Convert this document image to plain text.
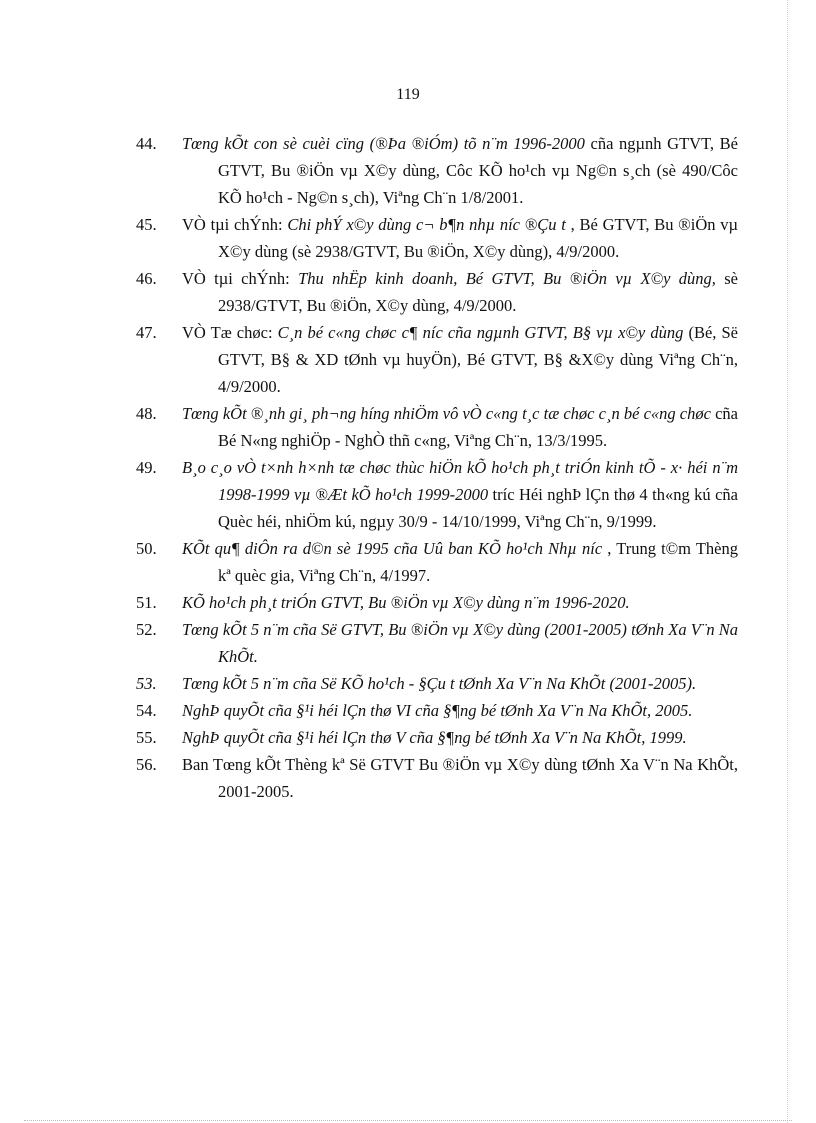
119

44. Tœng kÕt con sè cuèi cïng (®Þa ®iÓm) tõ n¨m 1996-2000 cña ngµnh GTVT, Bé GTVT, Bu ®iÖn vµ X©y dùng, Côc KÕ ho¹ch vµ Ng©n s¸ch (sè 490/Côc KÕ ho¹ch - Ng©n s¸ch), Viªng Ch¨n 1/8/2001.

45. VÒ tµi chÝnh: Chi phÝ x©y dùng c¬ b¶n nhµ níc ®Çu t , Bé GTVT, Bu ®iÖn vµ X©y dùng (sè 2938/GTVT, Bu ®iÖn, X©y dùng), 4/9/2000.

46. VÒ tµi chÝnh: Thu nhËp kinh doanh, Bé GTVT, Bu ®iÖn vµ X©y dùng, sè 2938/GTVT, Bu ®iÖn, X©y dùng, 4/9/2000.

47. VÒ Tæ chøc: C¸n bé c«ng chøc c¶ níc cña ngµnh GTVT, B§ vµ x©y dùng (Bé, Së GTVT, B§ & XD tØnh vµ huyÖn), Bé GTVT, B§ &X©y dùng Viªng Ch¨n, 4/9/2000.

48. Tœng kÕt ®¸nh gi¸ ph¬ng híng nhiÖm vô vÒ c«ng t¸c tæ chøc c¸n bé c«ng chøc cña Bé N«ng nghiÖp - NghÒ thñ c«ng, Viªng Ch¨n, 13/3/1995.

49. B¸o c¸o vÒ t×nh h×nh tæ chøc thùc hiÖn kÕ ho¹ch ph¸t triÓn kinh tÕ - x· héi n¨m 1998-1999 vµ ®Æt kÕ ho¹ch 1999-2000 tríc Héi nghÞ lÇn thø 4 th«ng kú cña Quèc héi, nhiÖm kú, ngµy 30/9 - 14/10/1999, Viªng Ch¨n, 9/1999.

50. KÕt qu¶ diÔn ra d©n sè 1995 cña Uû ban KÕ ho¹ch Nhµ níc , Trung t©m Thèng kª quèc gia, Viªng Ch¨n, 4/1997.

51. KÕ ho¹ch ph¸t triÓn GTVT, Bu ®iÖn vµ X©y dùng n¨m 1996-2020.

52. Tœng kÕt 5 n¨m cña Së GTVT, Bu ®iÖn vµ X©y dùng (2001-2005) tØnh Xa V¨n Na KhÕt.

53. Tœng kÕt 5 n¨m cña Së KÕ ho¹ch - §Çu t tØnh Xa V¨n Na KhÕt (2001-2005).

54. NghÞ quyÕt cña §¹i héi lÇn thø VI cña §¶ng bé tØnh Xa V¨n Na KhÕt, 2005.

55. NghÞ quyÕt cña §¹i héi lÇn thø V cña §¶ng bé tØnh Xa V¨n Na KhÕt, 1999.

56. Ban Tœng kÕt Thèng kª Së GTVT Bu ®iÖn vµ X©y dùng tØnh Xa V¨n Na KhÕt, 2001-2005.
